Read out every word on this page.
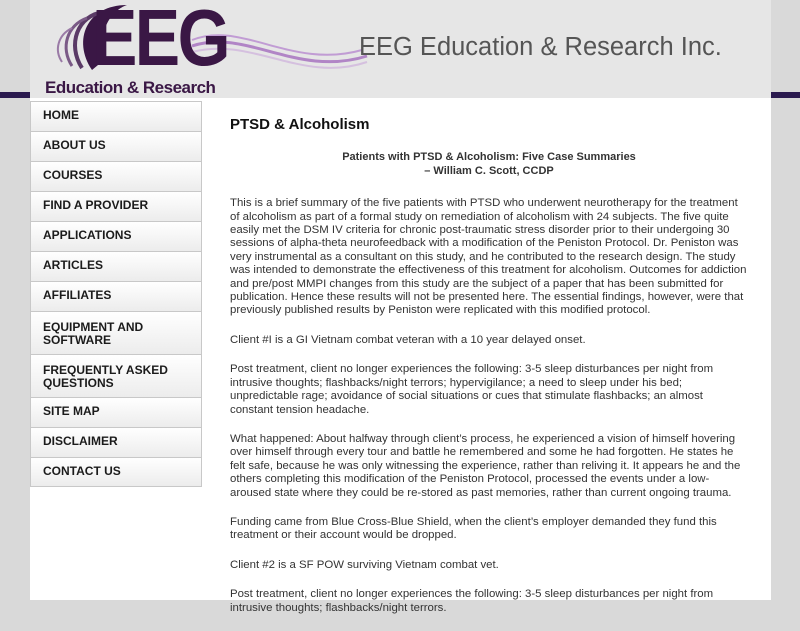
EEG
Education & Research
EEG Education & Research Inc.
HOME
ABOUT US
COURSES
FIND A PROVIDER
APPLICATIONS
ARTICLES
AFFILIATES
EQUIPMENT AND SOFTWARE
FREQUENTLY ASKED QUESTIONS
SITE MAP
DISCLAIMER
CONTACT US
PTSD & Alcoholism
Patients with PTSD & Alcoholism: Five Case Summaries
– William C. Scott, CCDP

This is a brief summary of the five patients with PTSD who underwent neurotherapy for the treatment of alcoholism as part of a formal study on remediation of alcoholism with 24 subjects. The five quite easily met the DSM IV criteria for chronic post-traumatic stress disorder prior to their undergoing 30 sessions of alpha-theta neurofeedback with a modification of the Peniston Protocol. Dr. Peniston was very instrumental as a consultant on this study, and he contributed to the research design. The study was intended to demonstrate the effectiveness of this treatment for alcoholism. Outcomes for addiction and pre/post MMPI changes from this study are the subject of a paper that has been submitted for publication. Hence these results will not be presented here. The essential findings, however, were that previously published results by Peniston were replicated with this modified protocol.

Client #I is a GI Vietnam combat veteran with a 10 year delayed onset.

Post treatment, client no longer experiences the following: 3-5 sleep disturbances per night from intrusive thoughts; flashbacks/night terrors; hypervigilance; a need to sleep under his bed; unpredictable rage; avoidance of social situations or cues that stimulate flashbacks; an almost constant tension headache.

What happened: About halfway through client’s process, he experienced a vision of himself hovering over himself through every tour and battle he remembered and some he had forgotten. He states he felt safe, because he was only witnessing the experience, rather than reliving it. It appears he and the others completing this modification of the Peniston Protocol, processed the events under a low-aroused state where they could be re-stored as past memories, rather than current ongoing trauma.

Funding came from Blue Cross-Blue Shield, when the client’s employer demanded they fund this treatment or their account would be dropped.

Client #2 is a SF POW surviving Vietnam combat vet.

Post treatment, client no longer experiences the following: 3-5 sleep disturbances per night from intrusive thoughts; flashbacks/night terrors.
